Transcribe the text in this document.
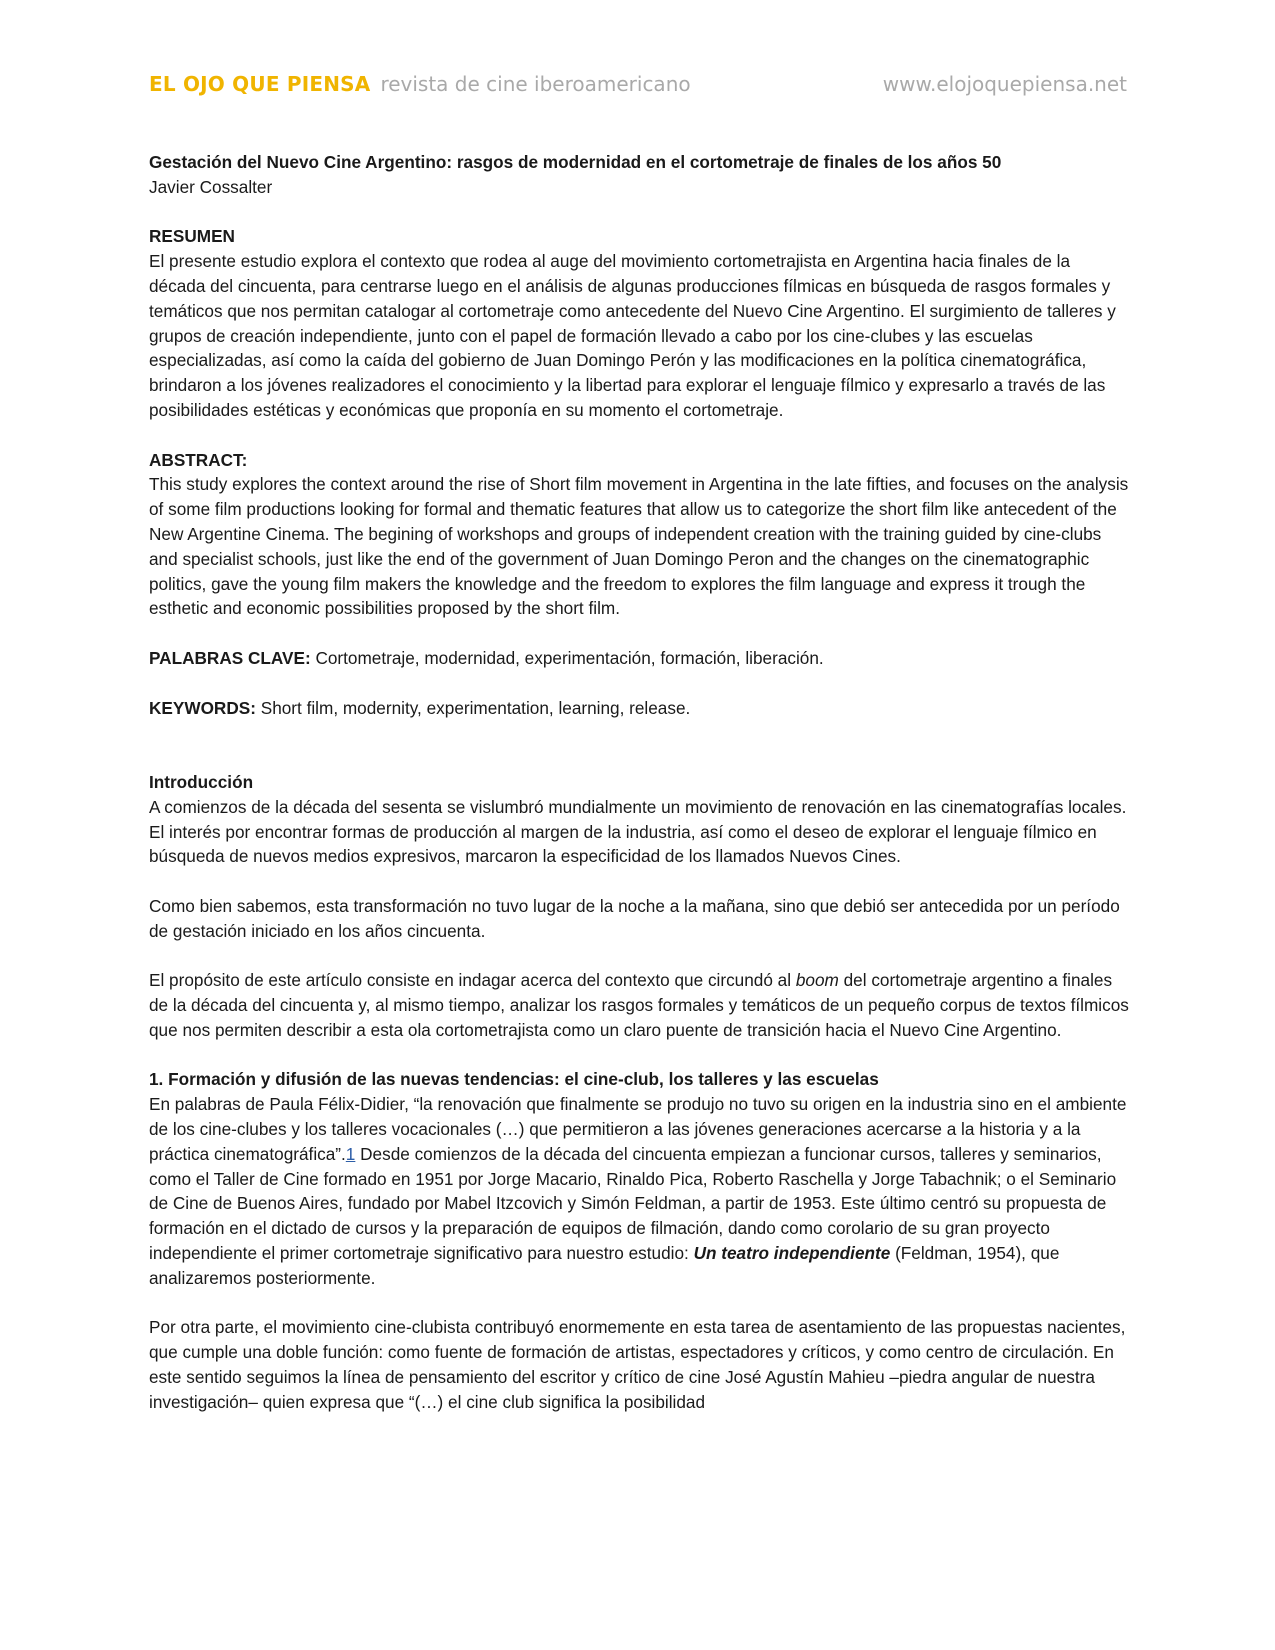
EL OJO QUE PIENSA revista de cine iberoamericano	www.elojoquepiensa.net

Gestación del Nuevo Cine Argentino: rasgos de modernidad en el cortometraje de finales de los años 50

Javier Cossalter

RESUMEN

El presente estudio explora el contexto que rodea al auge del movimiento cortometrajista en Argentina hacia finales de la década del cincuenta, para centrarse luego en el análisis de algunas producciones fílmicas en búsqueda de rasgos formales y temáticos que nos permitan catalogar al cortometraje como antecedente del Nuevo Cine Argentino. El surgimiento de talleres y grupos de creación independiente, junto con el papel de formación llevado a cabo por los cine-clubes y las escuelas especializadas, así como la caída del gobierno de Juan Domingo Perón y las modificaciones en la política cinematográfica, brindaron a los jóvenes realizadores el conocimiento y la libertad para explorar el lenguaje fílmico y expresarlo a través de las posibilidades estéticas y económicas que proponía en su momento el cortometraje.

ABSTRACT:

This study explores the context around the rise of Short film movement in Argentina in the late fifties, and focuses on the analysis of some film productions looking for formal and thematic features that allow us to categorize the short film like antecedent of the New Argentine Cinema. The begining of workshops and groups of independent creation with the training guided by cine-clubs and specialist schools, just like the end of the government of Juan Domingo Peron and the changes on the cinematographic politics, gave the young film makers the knowledge and the freedom to explores the film language and express it trough the esthetic and economic possibilities proposed by the short film.

PALABRAS CLAVE: Cortometraje, modernidad, experimentación, formación, liberación.

KEYWORDS: Short film, modernity, experimentation, learning, release.

Introducción

A comienzos de la década del sesenta se vislumbró mundialmente un movimiento de renovación en las cinematografías locales. El interés por encontrar formas de producción al margen de la industria, así como el deseo de explorar el lenguaje fílmico en búsqueda de nuevos medios expresivos, marcaron la especificidad de los llamados Nuevos Cines.

Como bien sabemos, esta transformación no tuvo lugar de la noche a la mañana, sino que debió ser antecedida por un período de gestación iniciado en los años cincuenta.

El propósito de este artículo consiste en indagar acerca del contexto que circundó al boom del cortometraje argentino a finales de la década del cincuenta y, al mismo tiempo, analizar los rasgos formales y temáticos de un pequeño corpus de textos fílmicos que nos permiten describir a esta ola cortometrajista como un claro puente de transición hacia el Nuevo Cine Argentino.

1. Formación y difusión de las nuevas tendencias: el cine-club, los talleres y las escuelas

En palabras de Paula Félix-Didier, “la renovación que finalmente se produjo no tuvo su origen en la industria sino en el ambiente de los cine-clubes y los talleres vocacionales (…) que permitieron a las jóvenes generaciones acercarse a la historia y a la práctica cinematográfica”.1 Desde comienzos de la década del cincuenta empiezan a funcionar cursos, talleres y seminarios, como el Taller de Cine formado en 1951 por Jorge Macario, Rinaldo Pica, Roberto Raschella y Jorge Tabachnik; o el Seminario de Cine de Buenos Aires, fundado por Mabel Itzcovich y Simón Feldman, a partir de 1953. Este último centró su propuesta de formación en el dictado de cursos y la preparación de equipos de filmación, dando como corolario de su gran proyecto independiente el primer cortometraje significativo para nuestro estudio: Un teatro independiente (Feldman, 1954), que analizaremos posteriormente.

Por otra parte, el movimiento cine-clubista contribuyó enormemente en esta tarea de asentamiento de las propuestas nacientes, que cumple una doble función: como fuente de formación de artistas, espectadores y críticos, y como centro de circulación. En este sentido seguimos la línea de pensamiento del escritor y crítico de cine José Agustín Mahieu –piedra angular de nuestra investigación– quien expresa que “(…) el cine club significa la posibilidad
